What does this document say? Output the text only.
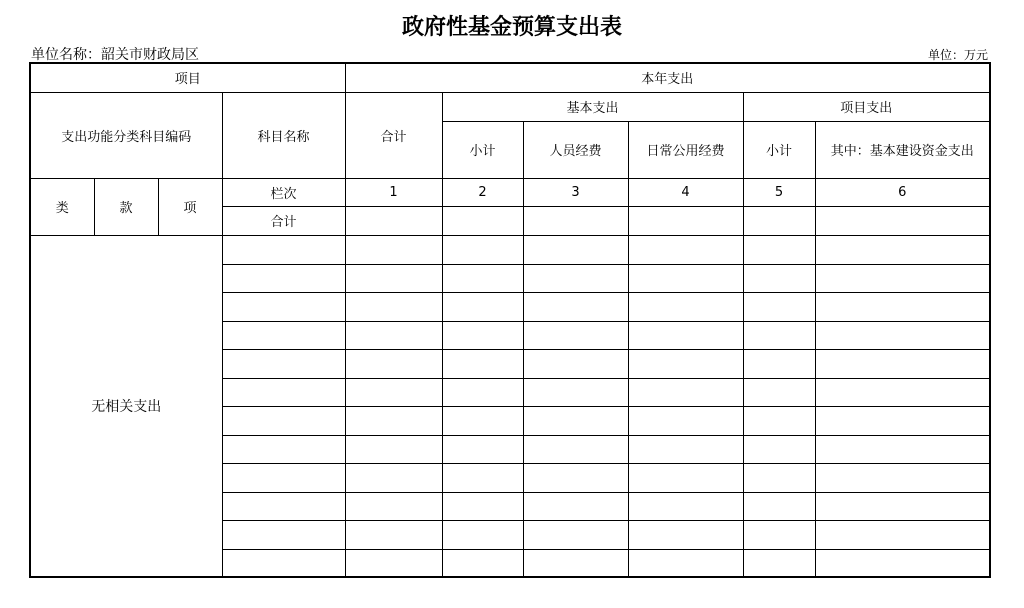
政府性基金预算支出表
单位名称：韶关市财政局区	单位：万元
项目				本年支出					
支出功能分类科目编码			科目名称	合计	基本支出			项目支出	
					小计	人员经费	日常公用经费	小计	其中：基本建设资金支出
类	款	项	栏次	1	2	3	4	5	6
			合计						
无相关支出									
